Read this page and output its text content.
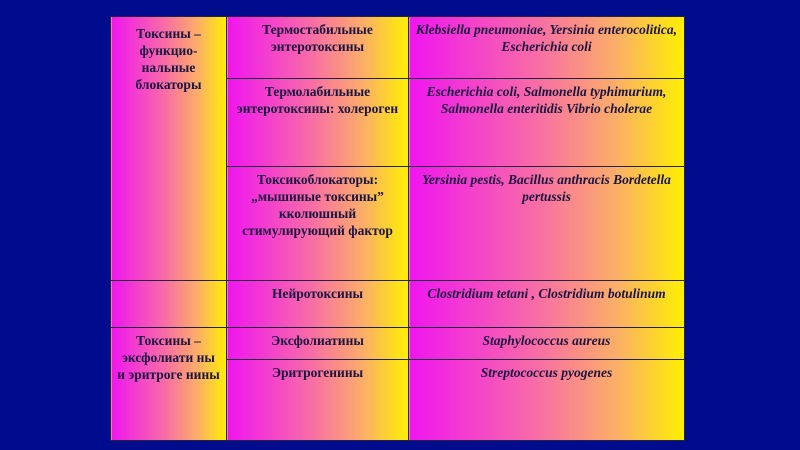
Токсины – функцио-нальные блокаторы	Термостабильные энтеротоксины	Klebsiella pneumoniae, Yersinia enterocolitica, Escherichia coli
	Термолабильные энтеротоксины: холероген	Escherichia coli, Salmonella typhimurium, Salmonella enteritidis Vibrio cholerae
	Токсикоблокаторы: „мышиные токсины” кколюшный стимулирующий фактор	Yersinia pestis, Bacillus anthracis Bordetella pertussis
	Нейротоксины	Clostridium tetani , Clostridium botulinum
Токсины – эксфолиати ны и эритроге нины	Эксфолиатины	Staphylococcus aureus
	Эритрогенины	Streptococcus pyogenes
